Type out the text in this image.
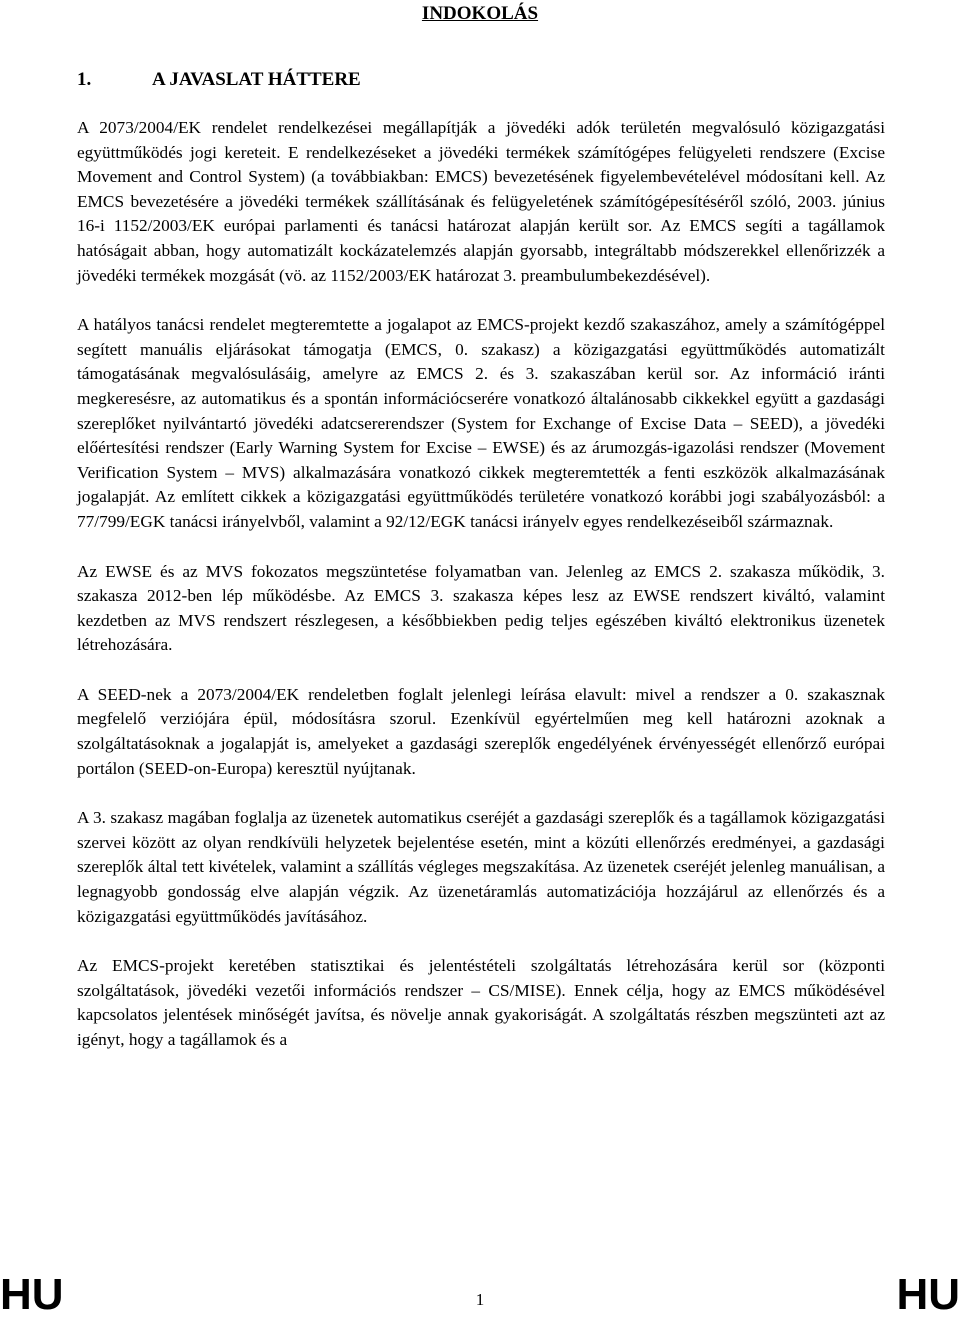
INDOKOLÁS
1.	A JAVASLAT HÁTTERE

A 2073/2004/EK rendelet rendelkezései megállapítják a jövedéki adók területén megvalósuló közigazgatási együttműködés jogi kereteit. E rendelkezéseket a jövedéki termékek számítógépes felügyeleti rendszere (Excise Movement and Control System) (a továbbiakban: EMCS) bevezetésének figyelembevételével módosítani kell. Az EMCS bevezetésére a jövedéki termékek szállításának és felügyeletének számítógépesítéséről szóló, 2003. június 16-i 1152/2003/EK európai parlamenti és tanácsi határozat alapján került sor. Az EMCS segíti a tagállamok hatóságait abban, hogy automatizált kockázatelemzés alapján gyorsabb, integráltabb módszerekkel ellenőrizzék a jövedéki termékek mozgását (vö. az 1152/2003/EK határozat 3. preambulumbekezdésével).

A hatályos tanácsi rendelet megteremtette a jogalapot az EMCS-projekt kezdő szakaszához, amely a számítógéppel segített manuális eljárásokat támogatja (EMCS, 0. szakasz) a közigazgatási együttműködés automatizált támogatásának megvalósulásáig, amelyre az EMCS 2. és 3. szakaszában kerül sor. Az információ iránti megkeresésre, az automatikus és a spontán információcserére vonatkozó általánosabb cikkekkel együtt a gazdasági szereplőket nyilvántartó jövedéki adatcsererendszer (System for Exchange of Excise Data – SEED), a jövedéki előértesítési rendszer (Early Warning System for Excise – EWSE) és az árumozgás-igazolási rendszer (Movement Verification System – MVS) alkalmazására vonatkozó cikkek megteremtették a fenti eszközök alkalmazásának jogalapját. Az említett cikkek a közigazgatási együttműködés területére vonatkozó korábbi jogi szabályozásból: a 77/799/EGK tanácsi irányelvből, valamint a 92/12/EGK tanácsi irányelv egyes rendelkezéseiből származnak.

Az EWSE és az MVS fokozatos megszüntetése folyamatban van. Jelenleg az EMCS 2. szakasza működik, 3. szakasza 2012-ben lép működésbe. Az EMCS 3. szakasza képes lesz az EWSE rendszert kiváltó, valamint kezdetben az MVS rendszert részlegesen, a későbbiekben pedig teljes egészében kiváltó elektronikus üzenetek létrehozására.

A SEED-nek a 2073/2004/EK rendeletben foglalt jelenlegi leírása elavult: mivel a rendszer a 0. szakasznak megfelelő verziójára épül, módosításra szorul. Ezenkívül egyértelműen meg kell határozni azoknak a szolgáltatásoknak a jogalapját is, amelyeket a gazdasági szereplők engedélyének érvényességét ellenőrző európai portálon (SEED-on-Europa) keresztül nyújtanak.

A 3. szakasz magában foglalja az üzenetek automatikus cseréjét a gazdasági szereplők és a tagállamok közigazgatási szervei között az olyan rendkívüli helyzetek bejelentése esetén, mint a közúti ellenőrzés eredményei, a gazdasági szereplők által tett kivételek, valamint a szállítás végleges megszakítása. Az üzenetek cseréjét jelenleg manuálisan, a legnagyobb gondosság elve alapján végzik. Az üzenetáramlás automatizációja hozzájárul az ellenőrzés és a közigazgatási együttműködés javításához.

Az EMCS-projekt keretében statisztikai és jelentéstételi szolgáltatás létrehozására kerül sor (központi szolgáltatások, jövedéki vezetői információs rendszer – CS/MISE). Ennek célja, hogy az EMCS működésével kapcsolatos jelentések minőségét javítsa, és növelje annak gyakoriságát. A szolgáltatás részben megszünteti azt az igényt, hogy a tagállamok és a

HU	1	HU
